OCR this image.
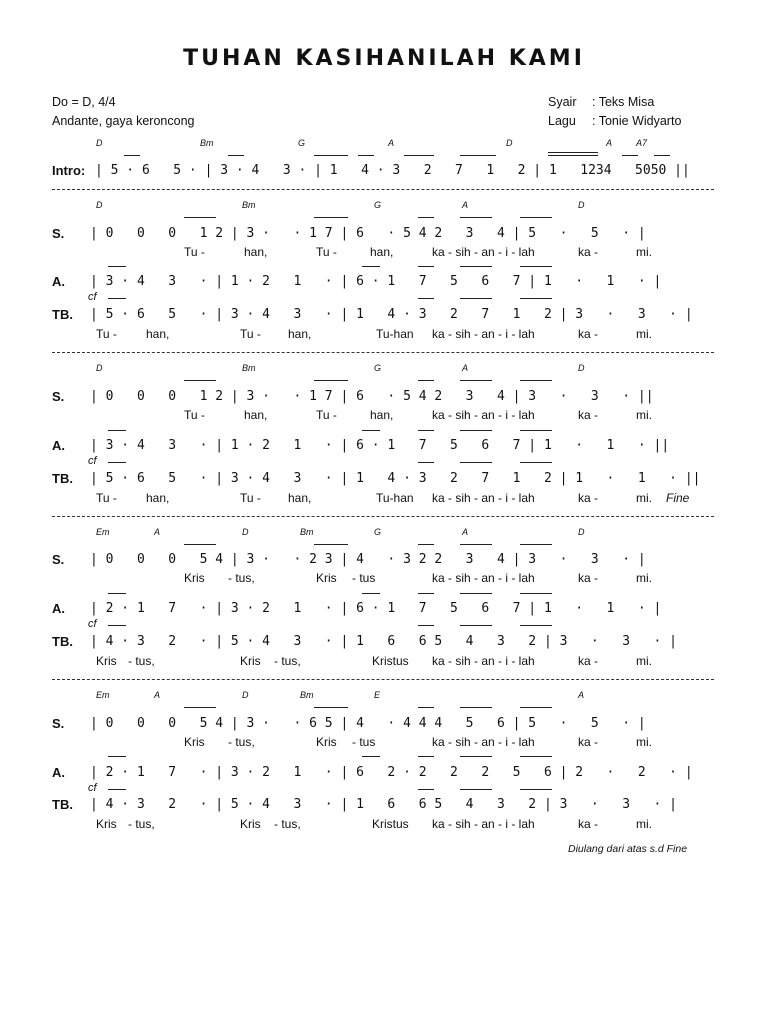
TUHAN KASIHANILAH KAMI
Do = D, 4/4
Andante, gaya keroncong
Syair : Teks Misa
Lagu : Tonie Widyarto
D	Bm	G	A	D	A	A7
Intro: | 5 · 6   5 · | 3 · 4   3 · | 1   4 · 3   2   7   1   2 | 1   1234   5050 ||
D	Bm	G	A	D
S. | 0   0   0   1 2 | 3 ·   · 1 7 | 6   · 5 4 2   3   4 | 5   ·   5   · |
Tu -	han,	Tu -	han,	ka - sih - an - i - lah	ka -	mi.
A. | 3 · 4   3   · | 1 · 2   1   · | 6 · 1   7   5   6   7 | 1   ·   1   · |
cf
TB. | 5 · 6   5   · | 3 · 4   3   · | 1   4 · 3   2   7   1   2 | 3   ·   3   · |
Tu - han,	Tu - han,	Tu-han ka - sih - an - i - lah	ka -	mi.
D	Bm	G	A	D
S. | 0   0   0   1 2 | 3 ·   · 1 7 | 6   · 5 4 2   3   4 | 3   ·   3   · ||
Tu -	han,	Tu -	han,	ka - sih - an - i - lah	ka -	mi.
A. | 3 · 4   3   · | 1 · 2   1   · | 6 · 1   7   5   6   7 | 1   ·   1   · ||
cf
TB. | 5 · 6   5   · | 3 · 4   3   · | 1   4 · 3   2   7   1   2 | 1   ·   1   · ||
Tu - han,	Tu - han,	Tu-han ka - sih - an - i - lah	ka -	mi. Fine
Em	A	D	Bm	G	A	D
S. | 0   0   0   5 4 | 3 ·   · 2 3 | 4   · 3 2 2   3   4 | 3   ·   3   · |
Kris - tus,	Kris - tus	ka - sih - an - i - lah	ka -	mi.
A. | 2 · 1   7   · | 3 · 2   1   · | 6 · 1   7   5   6   7 | 1   ·   1   · |
cf
TB. | 4 · 3   2   · | 5 · 4   3   · | 1   6   6 5   4   3   2 | 3   ·   3   · |
Kris - tus,	Kris - tus,	Kristus ka - sih - an - i - lah	ka -	mi.
Em	A	D	Bm	E	A
S. | 0   0   0   5 4 | 3 ·   · 6 5 | 4   · 4 4 4   5   6 | 5   ·   5   · |
Kris - tus,	Kris - tus	ka - sih - an - i - lah	ka -	mi.
A. | 2 · 1   7   · | 3 · 2   1   · | 6   2 · 2   2   2   5   6 | 2   ·   2   · |
cf
TB. | 4 · 3   2   · | 5 · 4   3   · | 1   6   6 5   4   3   2 | 3   ·   3   · |
Kris - tus,	Kris - tus,	Kristus ka - sih - an - i - lah	ka -	mi.
Diulang dari atas s.d Fine
